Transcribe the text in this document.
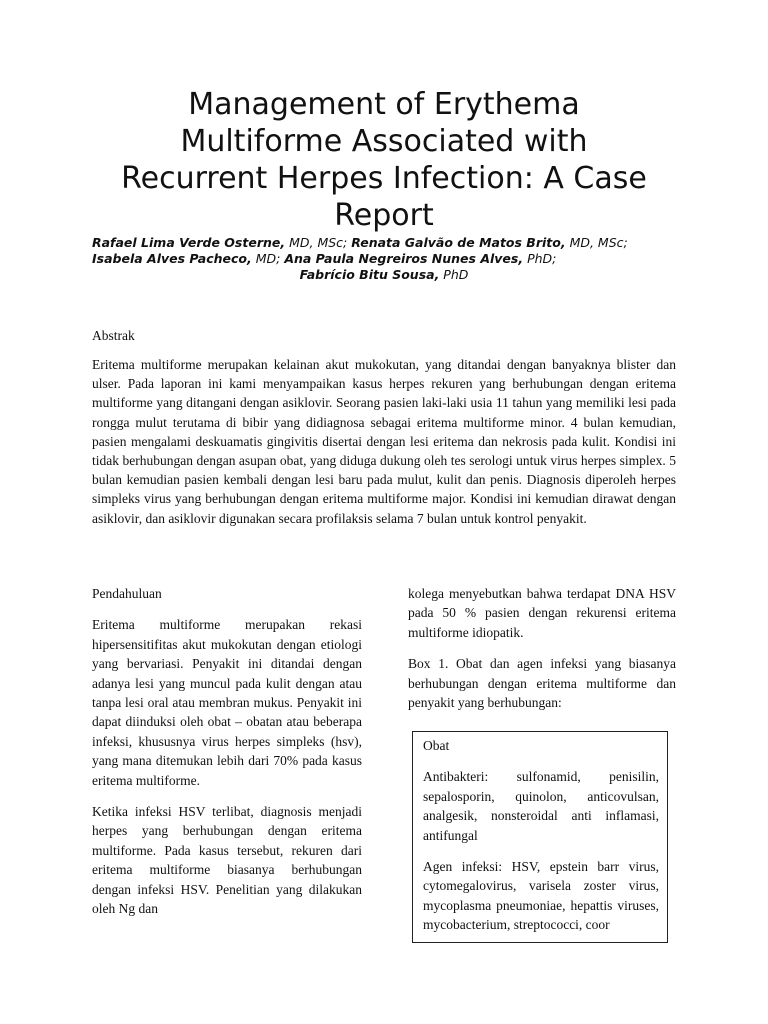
Management of Erythema Multiforme Associated with Recurrent Herpes Infection: A Case Report
Rafael Lima Verde Osterne, MD, MSc; Renata Galvão de Matos Brito, MD, MSc;
Isabela Alves Pacheco, MD; Ana Paula Negreiros Nunes Alves, PhD;
Fabrício Bitu Sousa, PhD
Abstrak

Eritema multiforme merupakan kelainan akut mukokutan, yang ditandai dengan banyaknya blister dan ulser. Pada laporan ini kami menyampaikan kasus herpes rekuren yang berhubungan dengan eritema multiforme yang ditangani dengan asiklovir. Seorang pasien laki-laki usia 11 tahun yang memiliki lesi pada rongga mulut terutama di bibir yang didiagnosa sebagai eritema multiforme minor. 4 bulan kemudian, pasien mengalami deskuamatis gingivitis disertai dengan lesi eritema dan nekrosis pada kulit. Kondisi ini tidak berhubungan dengan asupan obat, yang diduga dukung oleh tes serologi untuk virus herpes simplex. 5 bulan kemudian pasien kembali dengan lesi baru pada mulut, kulit dan penis. Diagnosis diperoleh herpes simpleks virus yang berhubungan dengan eritema multiforme major. Kondisi ini kemudian dirawat dengan asiklovir, dan asiklovir digunakan secara profilaksis selama 7 bulan untuk kontrol penyakit.

Pendahuluan

Eritema multiforme merupakan rekasi hipersensitifitas akut mukokutan dengan etiologi yang bervariasi. Penyakit ini ditandai dengan adanya lesi yang muncul pada kulit dengan atau tanpa lesi oral atau membran mukus. Penyakit ini dapat diinduksi oleh obat – obatan atau beberapa infeksi, khususnya virus herpes simpleks (hsv), yang mana ditemukan lebih dari 70% pada kasus eritema multiforme.

Ketika infeksi HSV terlibat, diagnosis menjadi herpes yang berhubungan dengan eritema multiforme. Pada kasus tersebut, rekuren dari eritema multiforme biasanya berhubungan dengan infeksi HSV. Penelitian yang dilakukan oleh Ng dan

kolega menyebutkan bahwa terdapat DNA HSV pada 50 % pasien dengan rekurensi eritema multiforme idiopatik.

Box 1. Obat dan agen infeksi yang biasanya berhubungan dengan eritema multiforme dan penyakit yang berhubungan:

Obat

Antibakteri: sulfonamid, penisilin, sepalosporin, quinolon, anticovulsan, analgesik, nonsteroidal anti inflamasi, antifungal

Agen infeksi: HSV, epstein barr virus, cytomegalovirus, varisela zoster virus, mycoplasma pneumoniae, hepattis viruses, mycobacterium, streptococci, coor
